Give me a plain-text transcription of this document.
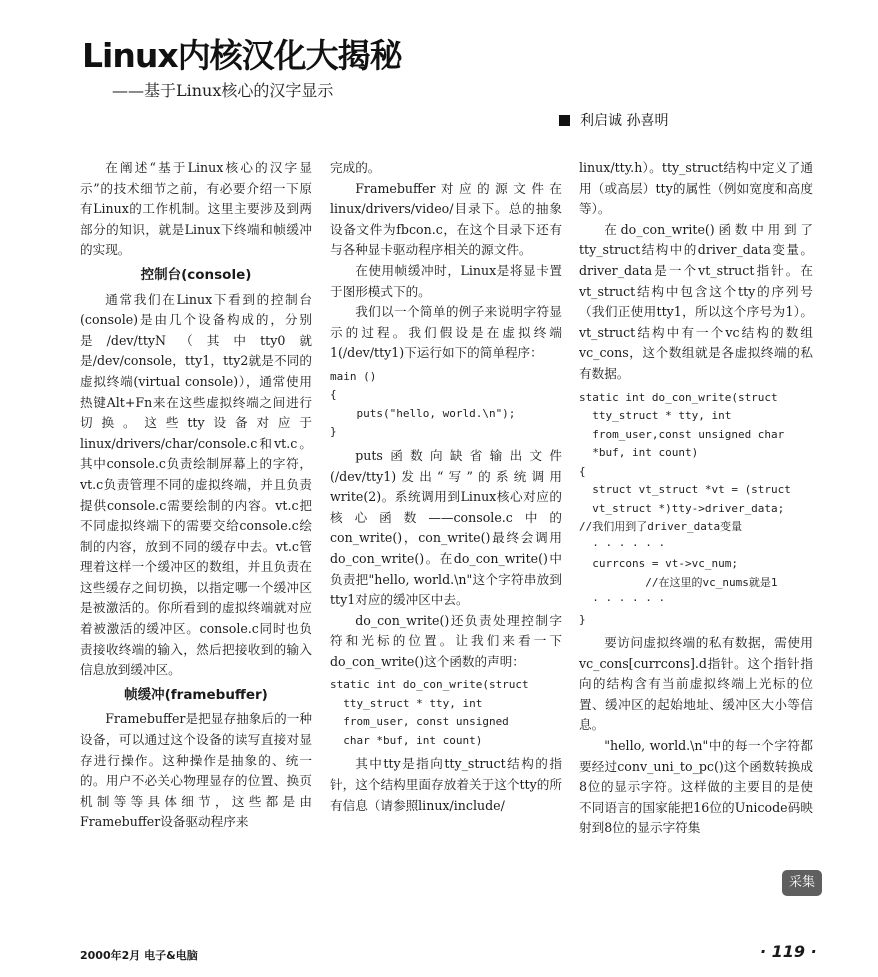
Linux内核汉化大揭秘
——基于Linux核心的汉字显示
利启诚 孙喜明

在阐述“基于Linux核心的汉字显示”的技术细节之前，有必要介绍一下原有Linux的工作机制。这里主要涉及到两部分的知识，就是Linux下终端和帧缓冲的实现。

控制台(console)

通常我们在Linux下看到的控制台(console)是由几个设备构成的，分别是/dev/ttyN（其中tty0就是/dev/console，tty1，tty2就是不同的虚拟终端(virtual console)），通常使用热键Alt+Fn来在这些虚拟终端之间进行切换。这些tty设备对应于linux/drivers/char/console.c和vt.c。其中console.c负责绘制屏幕上的字符，vt.c负责管理不同的虚拟终端，并且负责提供console.c需要绘制的内容。vt.c把不同虚拟终端下的需要交给console.c绘制的内容，放到不同的缓存中去。vt.c管理着这样一个缓冲区的数组，并且负责在这些缓存之间切换，以指定哪一个缓冲区是被激活的。你所看到的虚拟终端就对应着被激活的缓冲区。console.c同时也负责接收终端的输入，然后把接收到的输入信息放到缓冲区。

帧缓冲(framebuffer)

Framebuffer是把显存抽象后的一种设备，可以通过这个设备的读写直接对显存进行操作。这种操作是抽象的、统一的。用户不必关心物理显存的位置、换页机制等等具体细节，这些都是由Framebuffer设备驱动程序来

完成的。

Framebuffer对应的源文件在linux/drivers/video/目录下。总的抽象设备文件为fbcon.c，在这个目录下还有与各种显卡驱动程序相关的源文件。

在使用帧缓冲时，Linux是将显卡置于图形模式下的。

我们以一个简单的例子来说明字符显示的过程。我们假设是在虚拟终端1(/dev/tty1)下运行如下的简单程序：

main ()
{
puts("hello, world.\n");
}

puts函数向缺省输出文件(/dev/tty1)发出“写”的系统调用write(2)。系统调用到Linux核心对应的核心函数——console.c中的con_write()，con_write()最终会调用do_con_write()。在do_con_write()中负责把"hello, world.\n"这个字符串放到tty1对应的缓冲区中去。

do_con_write()还负责处理控制字符和光标的位置。让我们来看一下do_con_write()这个函数的声明：

static int do_con_write(struct
tty_struct * tty, int
from_user, const unsigned
char *buf, int count)

其中tty是指向tty_struct结构的指针，这个结构里面存放着关于这个tty的所有信息（请参照linux/include/

linux/tty.h）。tty_struct结构中定义了通用（或高层）tty的属性（例如宽度和高度等）。

在do_con_write()函数中用到了tty_struct结构中的driver_data变量。driver_data是一个vt_struct指针。在vt_struct结构中包含这个tty的序列号（我们正使用tty1，所以这个序号为1）。vt_struct结构中有一个vc结构的数组vc_cons，这个数组就是各虚拟终端的私有数据。

static int do_con_write(struct
tty_struct * tty, int
from_user,const unsigned char
*buf, int count)
{
struct vt_struct *vt = (struct
vt_struct *)tty->driver_data;
//我们用到了driver_data变量
· · · · · ·
currcons = vt->vc_num;
//在这里的vc_nums就是1
· · · · · ·
}

要访问虚拟终端的私有数据，需使用vc_cons[currcons].d指针。这个指针指向的结构含有当前虚拟终端上光标的位置、缓冲区的起始地址、缓冲区大小等信息。

"hello, world.\n"中的每一个字符都要经过conv_uni_to_pc()这个函数转换成8位的显示字符。这样做的主要目的是使不同语言的国家能把16位的Unicode码映射到8位的显示字符集

2000年2月 电子&电脑	· 119 ·
采集
